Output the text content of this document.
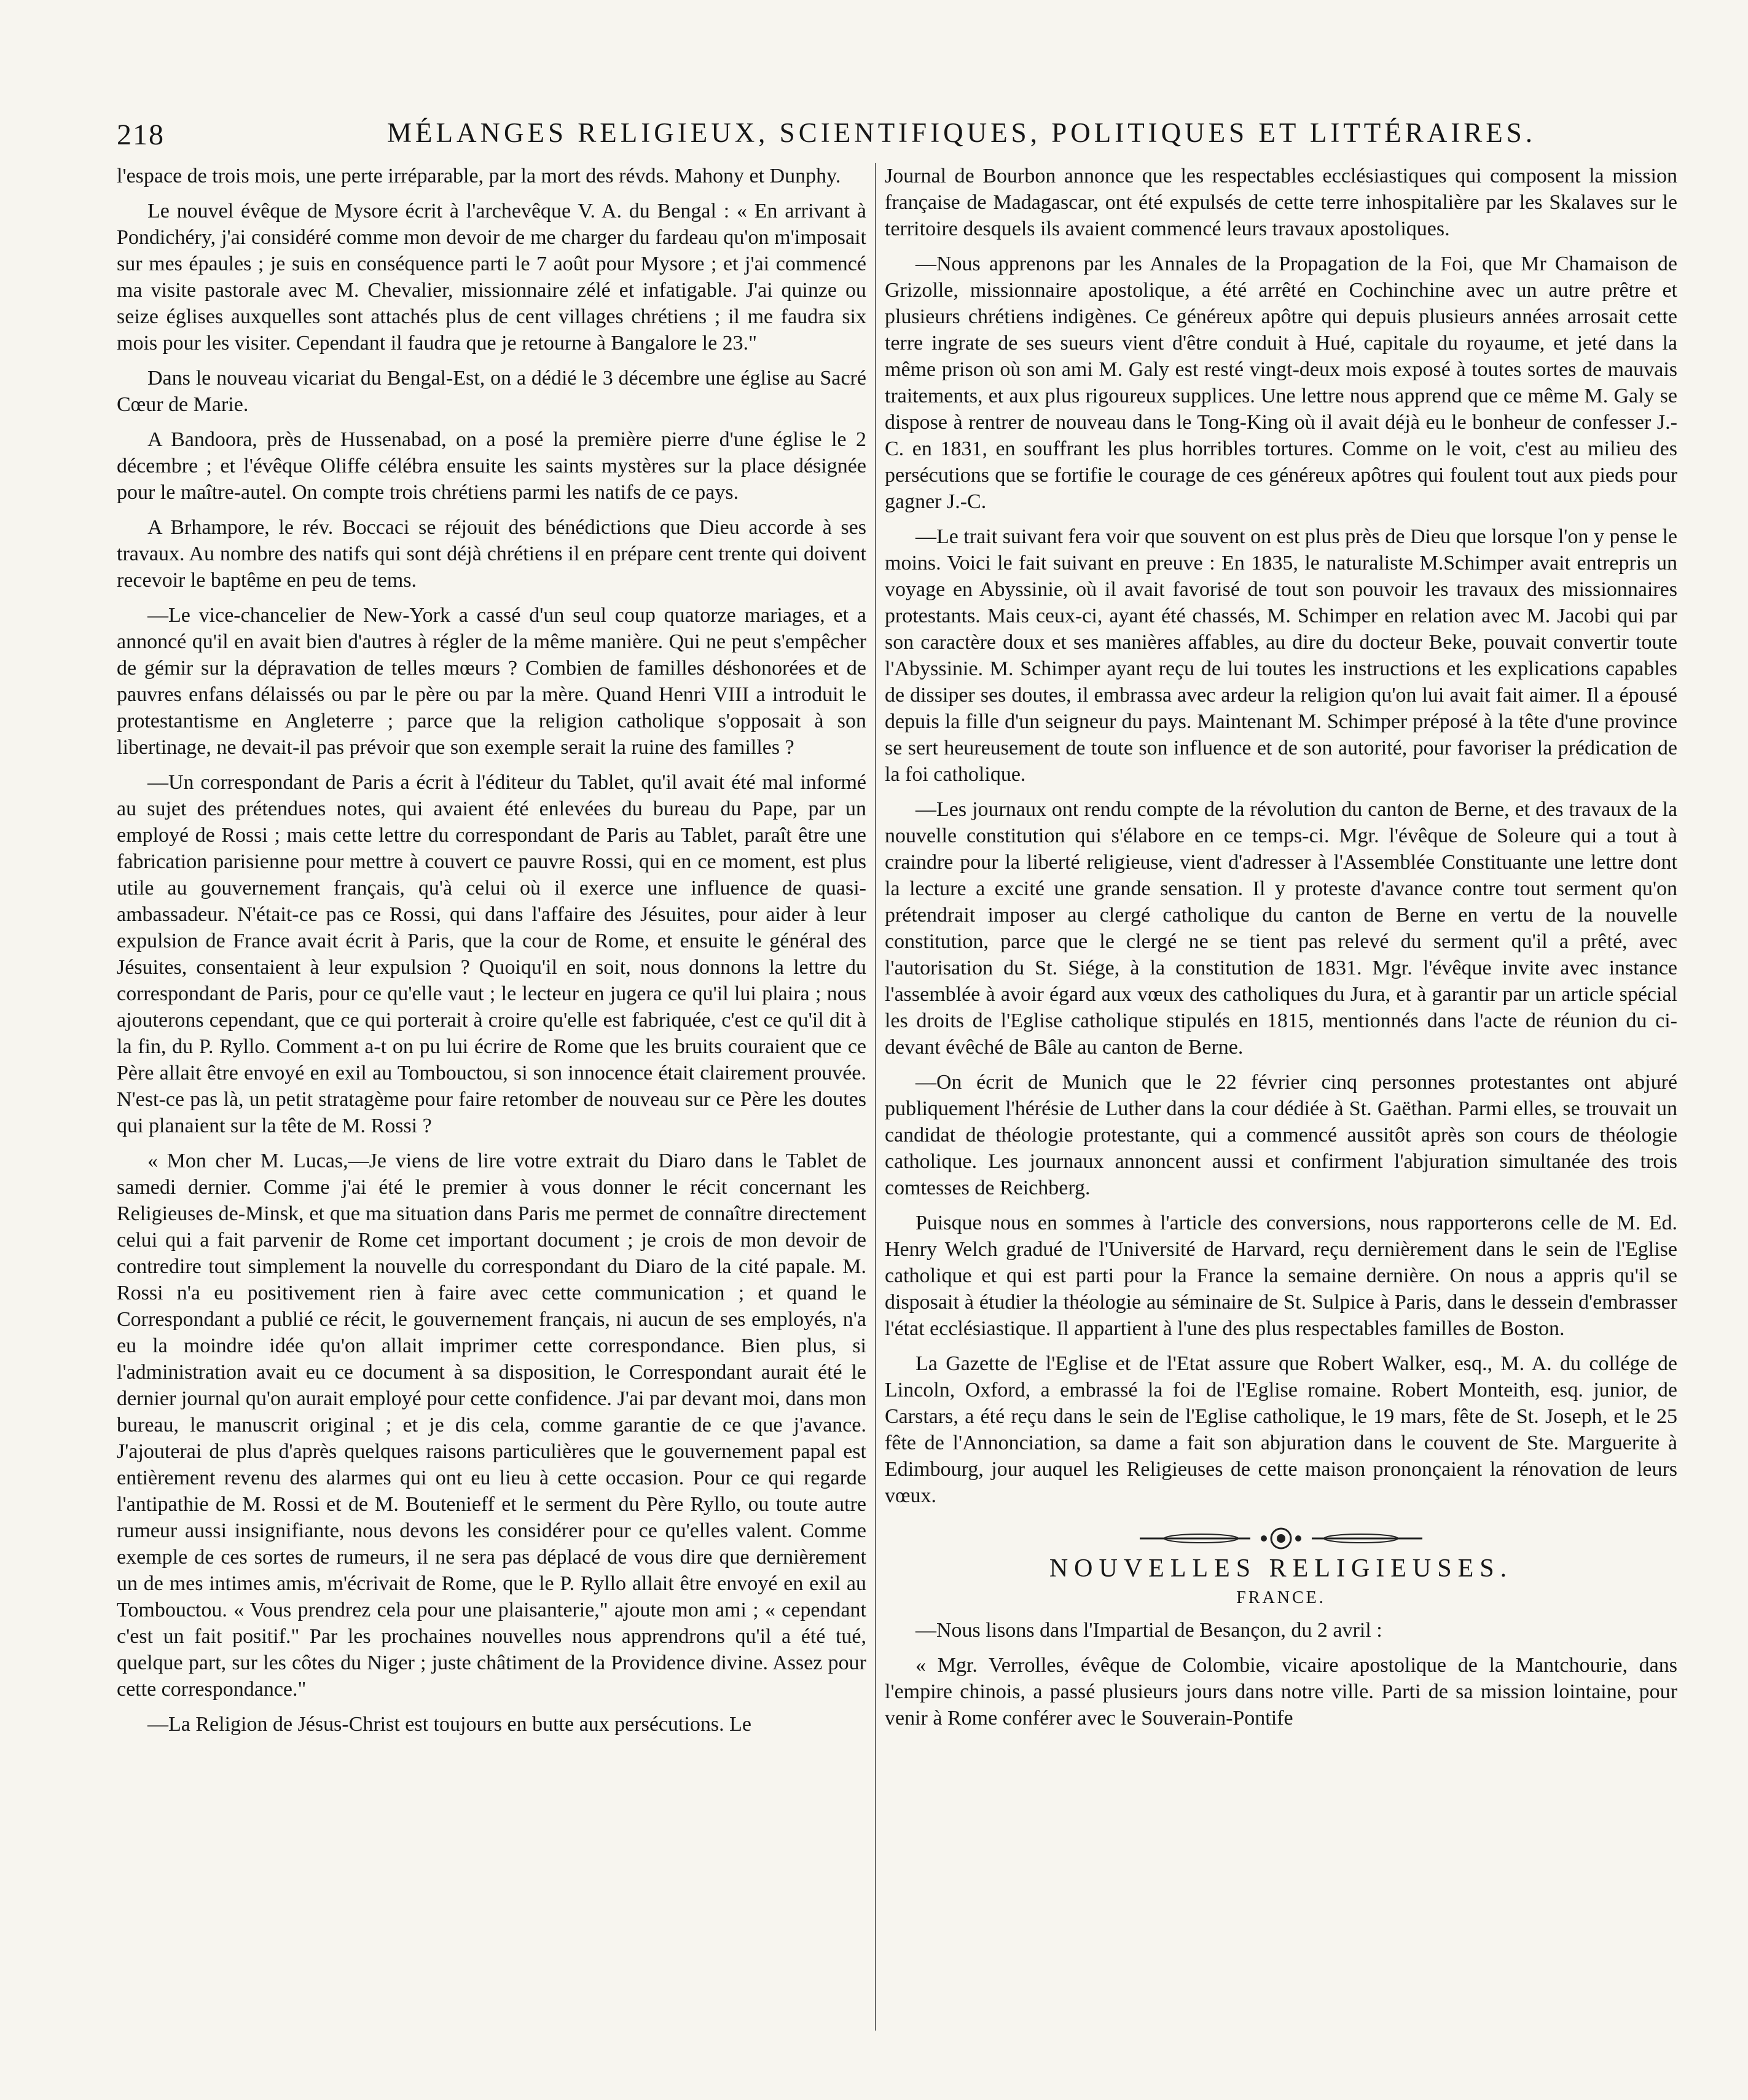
218	MÉLANGES RELIGIEUX, SCIENTIFIQUES, POLITIQUES ET LITTÉRAIRES.

l'espace de trois mois, une perte irréparable, par la mort des révds. Mahony et Dunphy.

Le nouvel évêque de Mysore écrit à l'archevêque V. A. du Bengal : « En arrivant à Pondichéry, j'ai considéré comme mon devoir de me charger du fardeau qu'on m'imposait sur mes épaules ; je suis en conséquence parti le 7 août pour Mysore ; et j'ai commencé ma visite pastorale avec M. Chevalier, missionnaire zélé et infatigable. J'ai quinze ou seize églises auxquelles sont attachés plus de cent villages chrétiens ; il me faudra six mois pour les visiter. Cependant il faudra que je retourne à Bangalore le 23."

Dans le nouveau vicariat du Bengal-Est, on a dédié le 3 décembre une église au Sacré Cœur de Marie.

A Bandoora, près de Hussenabad, on a posé la première pierre d'une église le 2 décembre ; et l'évêque Oliffe célébra ensuite les saints mystères sur la place désignée pour le maître-autel. On compte trois chrétiens parmi les natifs de ce pays.

A Brhampore, le rév. Boccaci se réjouit des bénédictions que Dieu accorde à ses travaux. Au nombre des natifs qui sont déjà chrétiens il en prépare cent trente qui doivent recevoir le baptême en peu de tems.

—Le vice-chancelier de New-York a cassé d'un seul coup quatorze mariages, et a annoncé qu'il en avait bien d'autres à régler de la même manière. Qui ne peut s'empêcher de gémir sur la dépravation de telles mœurs ? Combien de familles déshonorées et de pauvres enfans délaissés ou par le père ou par la mère. Quand Henri VIII a introduit le protestantisme en Angleterre ; parce que la religion catholique s'opposait à son libertinage, ne devait-il pas prévoir que son exemple serait la ruine des familles ?

—Un correspondant de Paris a écrit à l'éditeur du Tablet, qu'il avait été mal informé au sujet des prétendues notes, qui avaient été enlevées du bureau du Pape, par un employé de Rossi ; mais cette lettre du correspondant de Paris au Tablet, paraît être une fabrication parisienne pour mettre à couvert ce pauvre Rossi, qui en ce moment, est plus utile au gouvernement français, qu'à celui où il exerce une influence de quasi-ambassadeur. N'était-ce pas ce Rossi, qui dans l'affaire des Jésuites, pour aider à leur expulsion de France avait écrit à Paris, que la cour de Rome, et ensuite le général des Jésuites, consentaient à leur expulsion ? Quoiqu'il en soit, nous donnons la lettre du correspondant de Paris, pour ce qu'elle vaut ; le lecteur en jugera ce qu'il lui plaira ; nous ajouterons cependant, que ce qui porterait à croire qu'elle est fabriquée, c'est ce qu'il dit à la fin, du P. Ryllo. Comment a-t on pu lui écrire de Rome que les bruits couraient que ce Père allait être envoyé en exil au Tombouctou, si son innocence était clairement prouvée. N'est-ce pas là, un petit stratagème pour faire retomber de nouveau sur ce Père les doutes qui planaient sur la tête de M. Rossi ?

« Mon cher M. Lucas,—Je viens de lire votre extrait du Diaro dans le Tablet de samedi dernier. Comme j'ai été le premier à vous donner le récit concernant les Religieuses de-Minsk, et que ma situation dans Paris me permet de connaître directement celui qui a fait parvenir de Rome cet important document ; je crois de mon devoir de contredire tout simplement la nouvelle du correspondant du Diaro de la cité papale. M. Rossi n'a eu positivement rien à faire avec cette communication ; et quand le Correspondant a publié ce récit, le gouvernement français, ni aucun de ses employés, n'a eu la moindre idée qu'on allait imprimer cette correspondance. Bien plus, si l'administration avait eu ce document à sa disposition, le Correspondant aurait été le dernier journal qu'on aurait employé pour cette confidence. J'ai par devant moi, dans mon bureau, le manuscrit original ; et je dis cela, comme garantie de ce que j'avance. J'ajouterai de plus d'après quelques raisons particulières que le gouvernement papal est entièrement revenu des alarmes qui ont eu lieu à cette occasion. Pour ce qui regarde l'antipathie de M. Rossi et de M. Boutenieff et le serment du Père Ryllo, ou toute autre rumeur aussi insignifiante, nous devons les considérer pour ce qu'elles valent. Comme exemple de ces sortes de rumeurs, il ne sera pas déplacé de vous dire que dernièrement un de mes intimes amis, m'écrivait de Rome, que le P. Ryllo allait être envoyé en exil au Tombouctou. « Vous prendrez cela pour une plaisanterie," ajoute mon ami ; « cependant c'est un fait positif." Par les prochaines nouvelles nous apprendrons qu'il a été tué, quelque part, sur les côtes du Niger ; juste châtiment de la Providence divine. Assez pour cette correspondance."

—La Religion de Jésus-Christ est toujours en butte aux persécutions. Le

Journal de Bourbon annonce que les respectables ecclésiastiques qui composent la mission française de Madagascar, ont été expulsés de cette terre inhospitalière par les Skalaves sur le territoire desquels ils avaient commencé leurs travaux apostoliques.

—Nous apprenons par les Annales de la Propagation de la Foi, que Mr Chamaison de Grizolle, missionnaire apostolique, a été arrêté en Cochinchine avec un autre prêtre et plusieurs chrétiens indigènes. Ce généreux apôtre qui depuis plusieurs années arrosait cette terre ingrate de ses sueurs vient d'être conduit à Hué, capitale du royaume, et jeté dans la même prison où son ami M. Galy est resté vingt-deux mois exposé à toutes sortes de mauvais traitements, et aux plus rigoureux supplices. Une lettre nous apprend que ce même M. Galy se dispose à rentrer de nouveau dans le Tong-King où il avait déjà eu le bonheur de confesser J.-C. en 1831, en souffrant les plus horribles tortures. Comme on le voit, c'est au milieu des persécutions que se fortifie le courage de ces généreux apôtres qui foulent tout aux pieds pour gagner J.-C.

—Le trait suivant fera voir que souvent on est plus près de Dieu que lorsque l'on y pense le moins. Voici le fait suivant en preuve : En 1835, le naturaliste M.Schimper avait entrepris un voyage en Abyssinie, où il avait favorisé de tout son pouvoir les travaux des missionnaires protestants. Mais ceux-ci, ayant été chassés, M. Schimper en relation avec M. Jacobi qui par son caractère doux et ses manières affables, au dire du docteur Beke, pouvait convertir toute l'Abyssinie. M. Schimper ayant reçu de lui toutes les instructions et les explications capables de dissiper ses doutes, il embrassa avec ardeur la religion qu'on lui avait fait aimer. Il a épousé depuis la fille d'un seigneur du pays. Maintenant M. Schimper préposé à la tête d'une province se sert heureusement de toute son influence et de son autorité, pour favoriser la prédication de la foi catholique.

—Les journaux ont rendu compte de la révolution du canton de Berne, et des travaux de la nouvelle constitution qui s'élabore en ce temps-ci. Mgr. l'évêque de Soleure qui a tout à craindre pour la liberté religieuse, vient d'adresser à l'Assemblée Constituante une lettre dont la lecture a excité une grande sensation. Il y proteste d'avance contre tout serment qu'on prétendrait imposer au clergé catholique du canton de Berne en vertu de la nouvelle constitution, parce que le clergé ne se tient pas relevé du serment qu'il a prêté, avec l'autorisation du St. Siége, à la constitution de 1831. Mgr. l'évêque invite avec instance l'assemblée à avoir égard aux vœux des catholiques du Jura, et à garantir par un article spécial les droits de l'Eglise catholique stipulés en 1815, mentionnés dans l'acte de réunion du ci-devant évêché de Bâle au canton de Berne.

—On écrit de Munich que le 22 février cinq personnes protestantes ont abjuré publiquement l'hérésie de Luther dans la cour dédiée à St. Gaëthan. Parmi elles, se trouvait un candidat de théologie protestante, qui a commencé aussitôt après son cours de théologie catholique. Les journaux annoncent aussi et confirment l'abjuration simultanée des trois comtesses de Reichberg.

Puisque nous en sommes à l'article des conversions, nous rapporterons celle de M. Ed. Henry Welch gradué de l'Université de Harvard, reçu dernièrement dans le sein de l'Eglise catholique et qui est parti pour la France la semaine dernière. On nous a appris qu'il se disposait à étudier la théologie au séminaire de St. Sulpice à Paris, dans le dessein d'embrasser l'état ecclésiastique. Il appartient à l'une des plus respectables familles de Boston.

La Gazette de l'Eglise et de l'Etat assure que Robert Walker, esq., M. A. du collége de Lincoln, Oxford, a embrassé la foi de l'Eglise romaine. Robert Monteith, esq. junior, de Carstars, a été reçu dans le sein de l'Eglise catholique, le 19 mars, fête de St. Joseph, et le 25 fête de l'Annonciation, sa dame a fait son abjuration dans le couvent de Ste. Marguerite à Edimbourg, jour auquel les Religieuses de cette maison prononçaient la rénovation de leurs vœux.

NOUVELLES RELIGIEUSES.
FRANCE.

—Nous lisons dans l'Impartial de Besançon, du 2 avril :

« Mgr. Verrolles, évêque de Colombie, vicaire apostolique de la Mantchourie, dans l'empire chinois, a passé plusieurs jours dans notre ville. Parti de sa mission lointaine, pour venir à Rome conférer avec le Souverain-Pontife
